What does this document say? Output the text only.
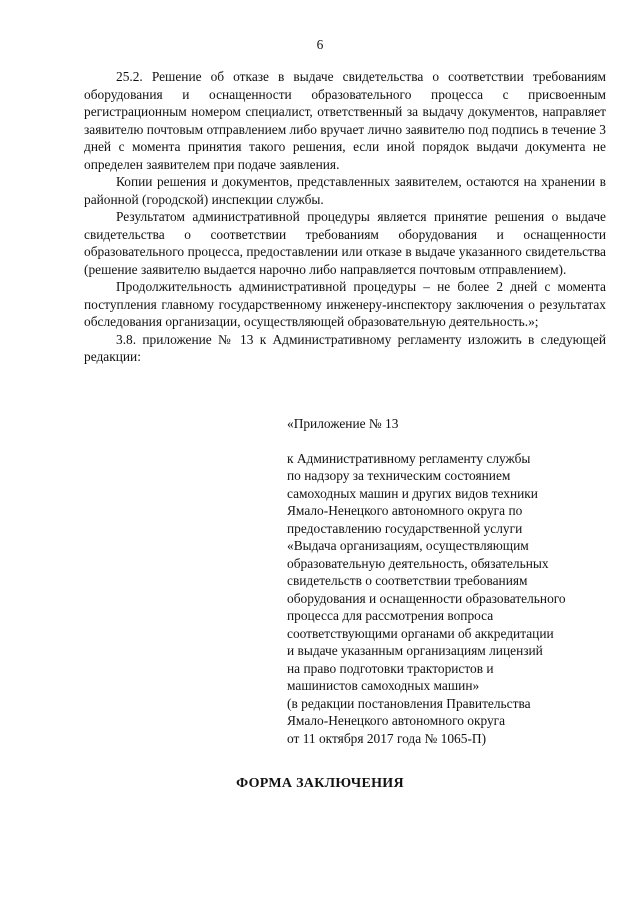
6

25.2. Решение об отказе в выдаче свидетельства о соответствии требованиям оборудования и оснащенности образовательного процесса с присвоенным регистрационным номером специалист, ответственный за выдачу документов, направляет заявителю почтовым отправлением либо вручает лично заявителю под подпись в течение 3 дней с момента принятия такого решения, если иной порядок выдачи документа не определен заявителем при подаче заявления.

Копии решения и документов, представленных заявителем, остаются на хранении в районной (городской) инспекции службы.

Результатом административной процедуры является принятие решения о выдаче свидетельства о соответствии требованиям оборудования и оснащенности образовательного процесса, предоставлении или отказе в выдаче указанного свидетельства (решение заявителю выдается нарочно либо направляется почтовым отправлением).

Продолжительность административной процедуры – не более 2 дней с момента поступления главному государственному инженеру-инспектору заключения о результатах обследования организации, осуществляющей образовательную деятельность.»;

3.8. приложение № 13 к Административному регламенту изложить в следующей редакции:

«Приложение № 13

к Административному регламенту службы

по надзору за техническим состоянием

самоходных машин и других видов техники

Ямало-Ненецкого автономного округа по

предоставлению государственной услуги

«Выдача организациям, осуществляющим

образовательную деятельность, обязательных

свидетельств о соответствии требованиям

оборудования и оснащенности образовательного

процесса для рассмотрения вопроса

соответствующими органами об аккредитации

и выдаче указанным организациям лицензий

на право подготовки трактористов и

машинистов самоходных машин»

(в редакции постановления Правительства

Ямало-Ненецкого автономного округа

от 11 октября 2017 года № 1065-П)

ФОРМА ЗАКЛЮЧЕНИЯ
